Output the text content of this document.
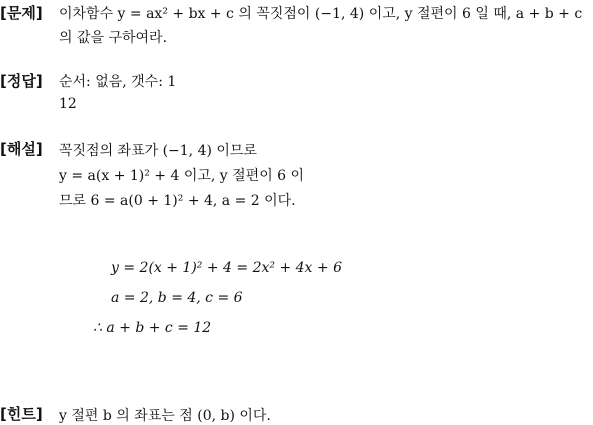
[문제] 이차함수 y = ax² + bx + c 의 꼭짓점이 (−1, 4) 이고, y 절편이 6 일 때, a + b + c
의 값을 구하여라.
[정답] 순서: 없음, 갯수: 1
12
[해설] 꼭짓점의 좌표가 (−1, 4) 이므로
y = a(x + 1)² + 4 이고, y 절편이 6 이
므로 6 = a(0 + 1)² + 4, a = 2 이다.
y = 2(x + 1)² + 4 = 2x² + 4x + 6
a = 2, b = 4, c = 6
∴ a + b + c = 12
[힌트] y 절편 b 의 좌표는 점 (0, b) 이다.
